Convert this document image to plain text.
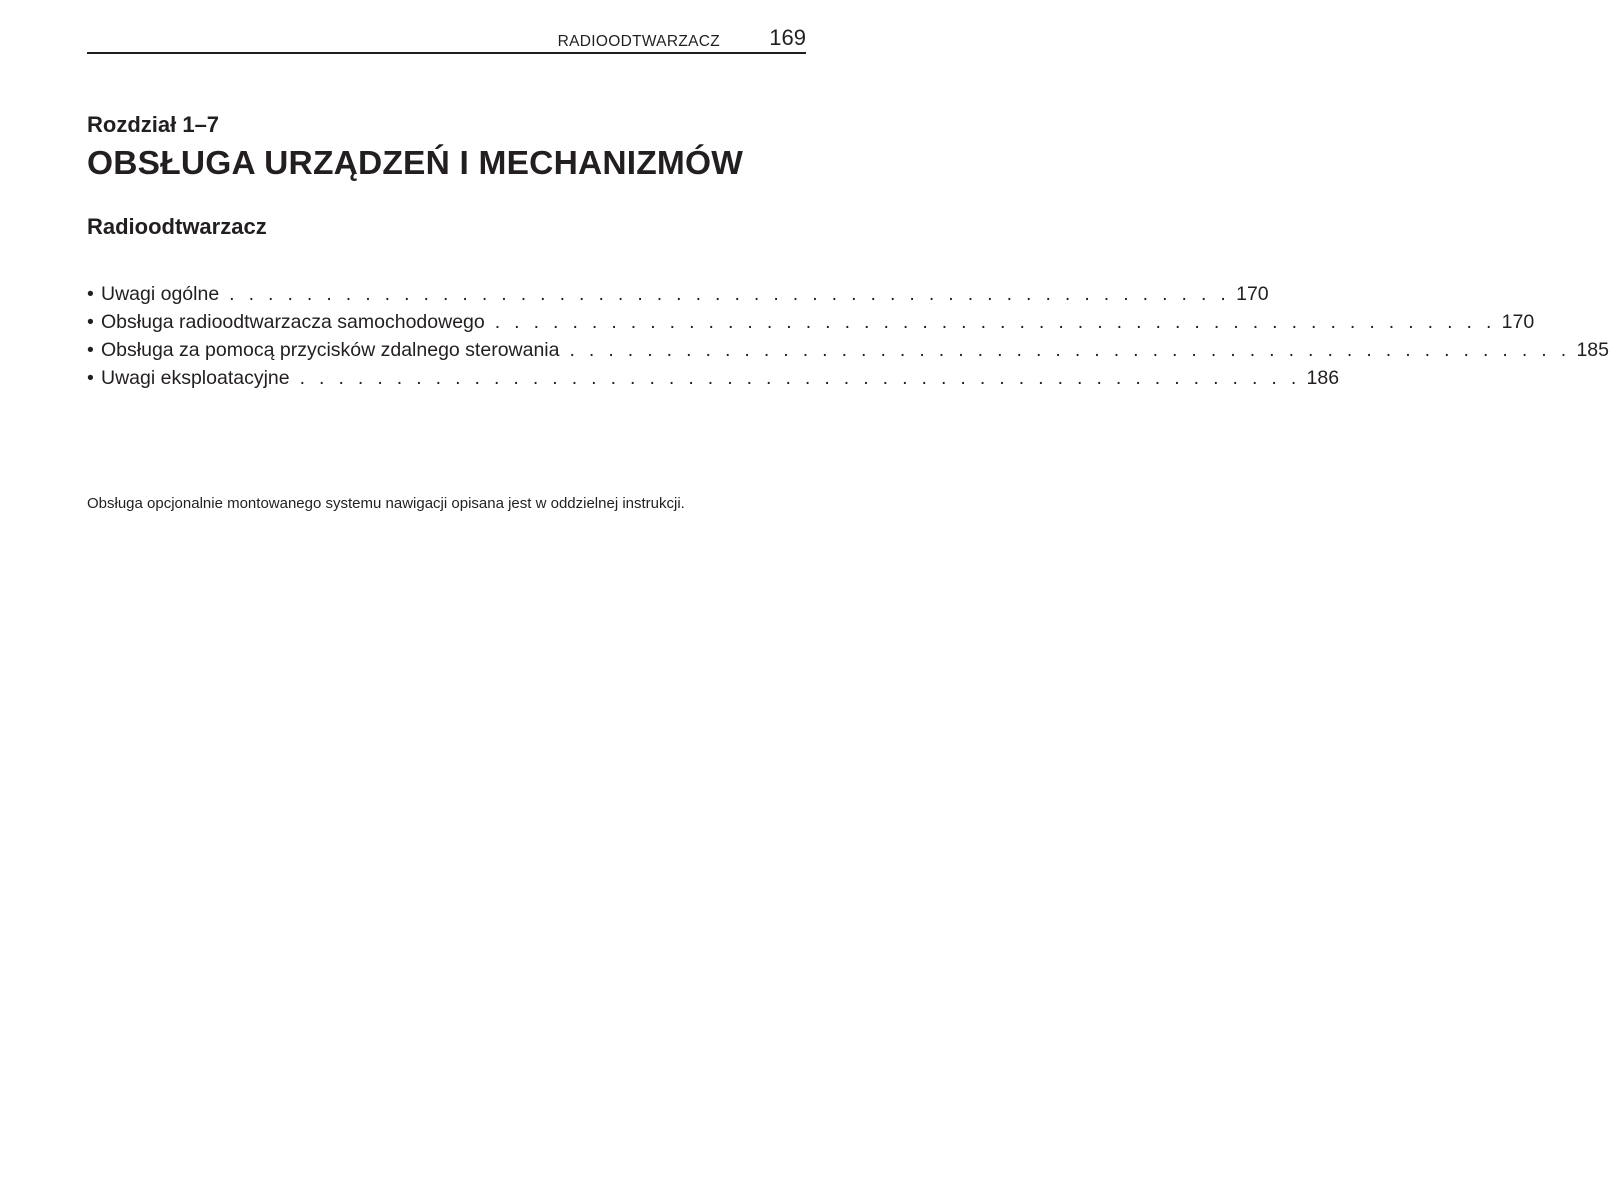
RADIOODTWARZACZ 169
Rozdział 1–7
OBSŁUGA URZĄDZEŃ I MECHANIZMÓW
Radioodtwarzacz
• Uwagi ogólne . . . . . . . . . . . . . . . . . . . . . . . . . . . . . . . . . . . . . . . . . . . . . . . . . . . . 170
• Obsługa radioodtwarzacza samochodowego . . . . . . . . . . . . . . . . . . . . . . . . . . . . . . . . . . . . . . . . . . . . . . . . . . . . 170
• Obsługa za pomocą przycisków zdalnego sterowania . . . . . . . . . . . . . . . . . . . . . . . . . . . . . . . . . . . . . . . . . . . . . . . . . . . . 185
• Uwagi eksploatacyjne . . . . . . . . . . . . . . . . . . . . . . . . . . . . . . . . . . . . . . . . . . . . . . . . . . . . 186
Obsługa opcjonalnie montowanego systemu nawigacji opisana jest w oddzielnej instrukcji.
